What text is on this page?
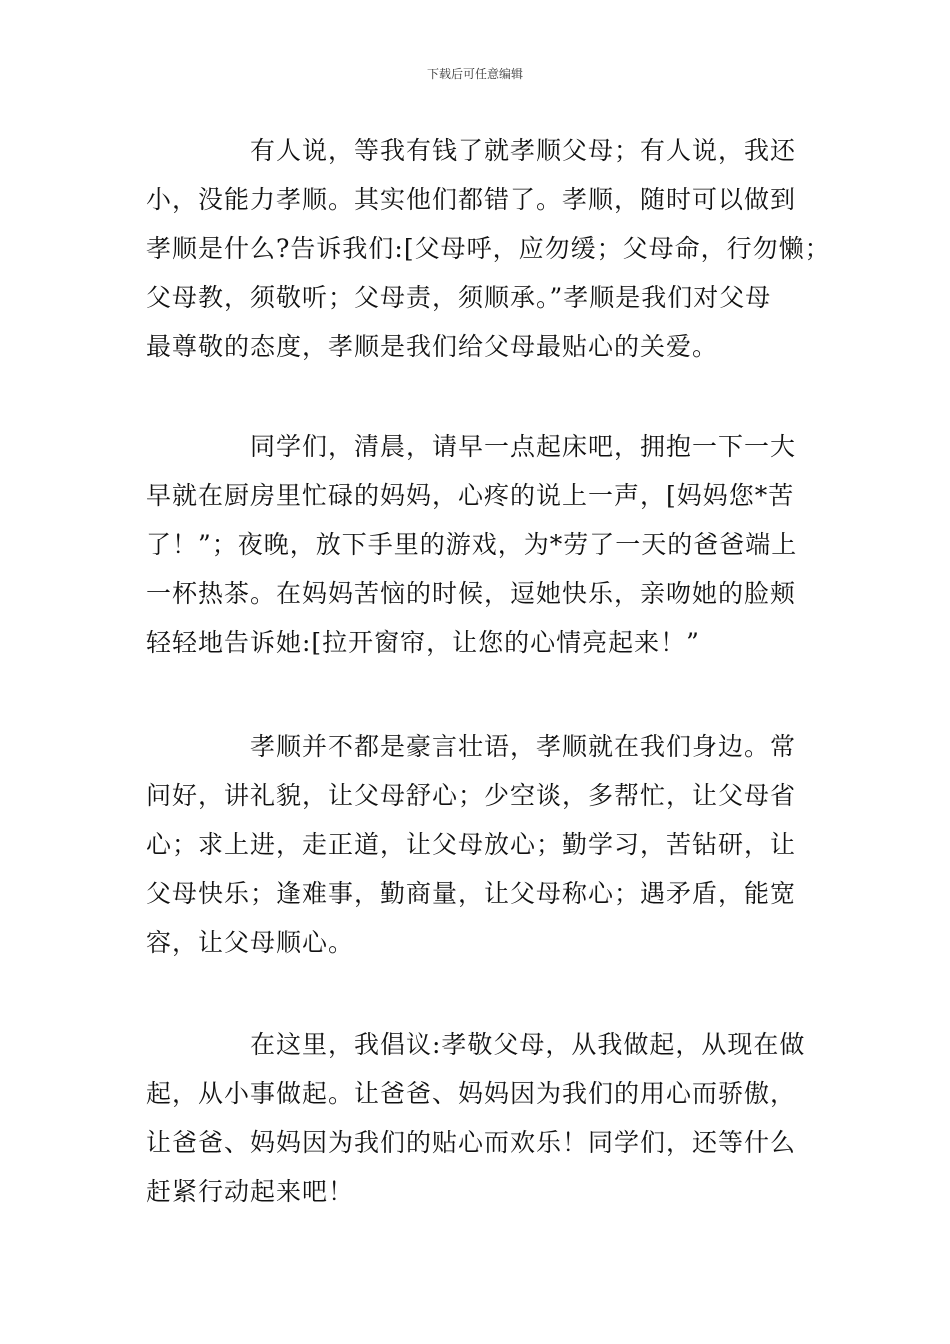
下载后可任意编辑
有人说，等我有钱了就孝顺父母；有人说，我还
小，没能力孝顺。其实他们都错了。孝顺，随时可以做到
孝顺是什么?告诉我们:[父母呼，应勿缓；父母命，行勿懒；
父母教，须敬听；父母责，须顺承。”孝顺是我们对父母
最尊敬的态度，孝顺是我们给父母最贴心的关爱。
同学们，清晨，请早一点起床吧，拥抱一下一大
早就在厨房里忙碌的妈妈，心疼的说上一声，[妈妈您*苦
了！”；夜晚，放下手里的游戏，为*劳了一天的爸爸端上
一杯热茶。在妈妈苦恼的时候，逗她快乐，亲吻她的脸颊
轻轻地告诉她:[拉开窗帘，让您的心情亮起来！”
孝顺并不都是豪言壮语，孝顺就在我们身边。常
问好，讲礼貌，让父母舒心；少空谈，多帮忙，让父母省
心；求上进，走正道，让父母放心；勤学习，苦钻研，让
父母快乐；逢难事，勤商量，让父母称心；遇矛盾，能宽
容，让父母顺心。
在这里，我倡议:孝敬父母，从我做起，从现在做
起，从小事做起。让爸爸、妈妈因为我们的用心而骄傲，
让爸爸、妈妈因为我们的贴心而欢乐！同学们，还等什么
赶紧行动起来吧！
